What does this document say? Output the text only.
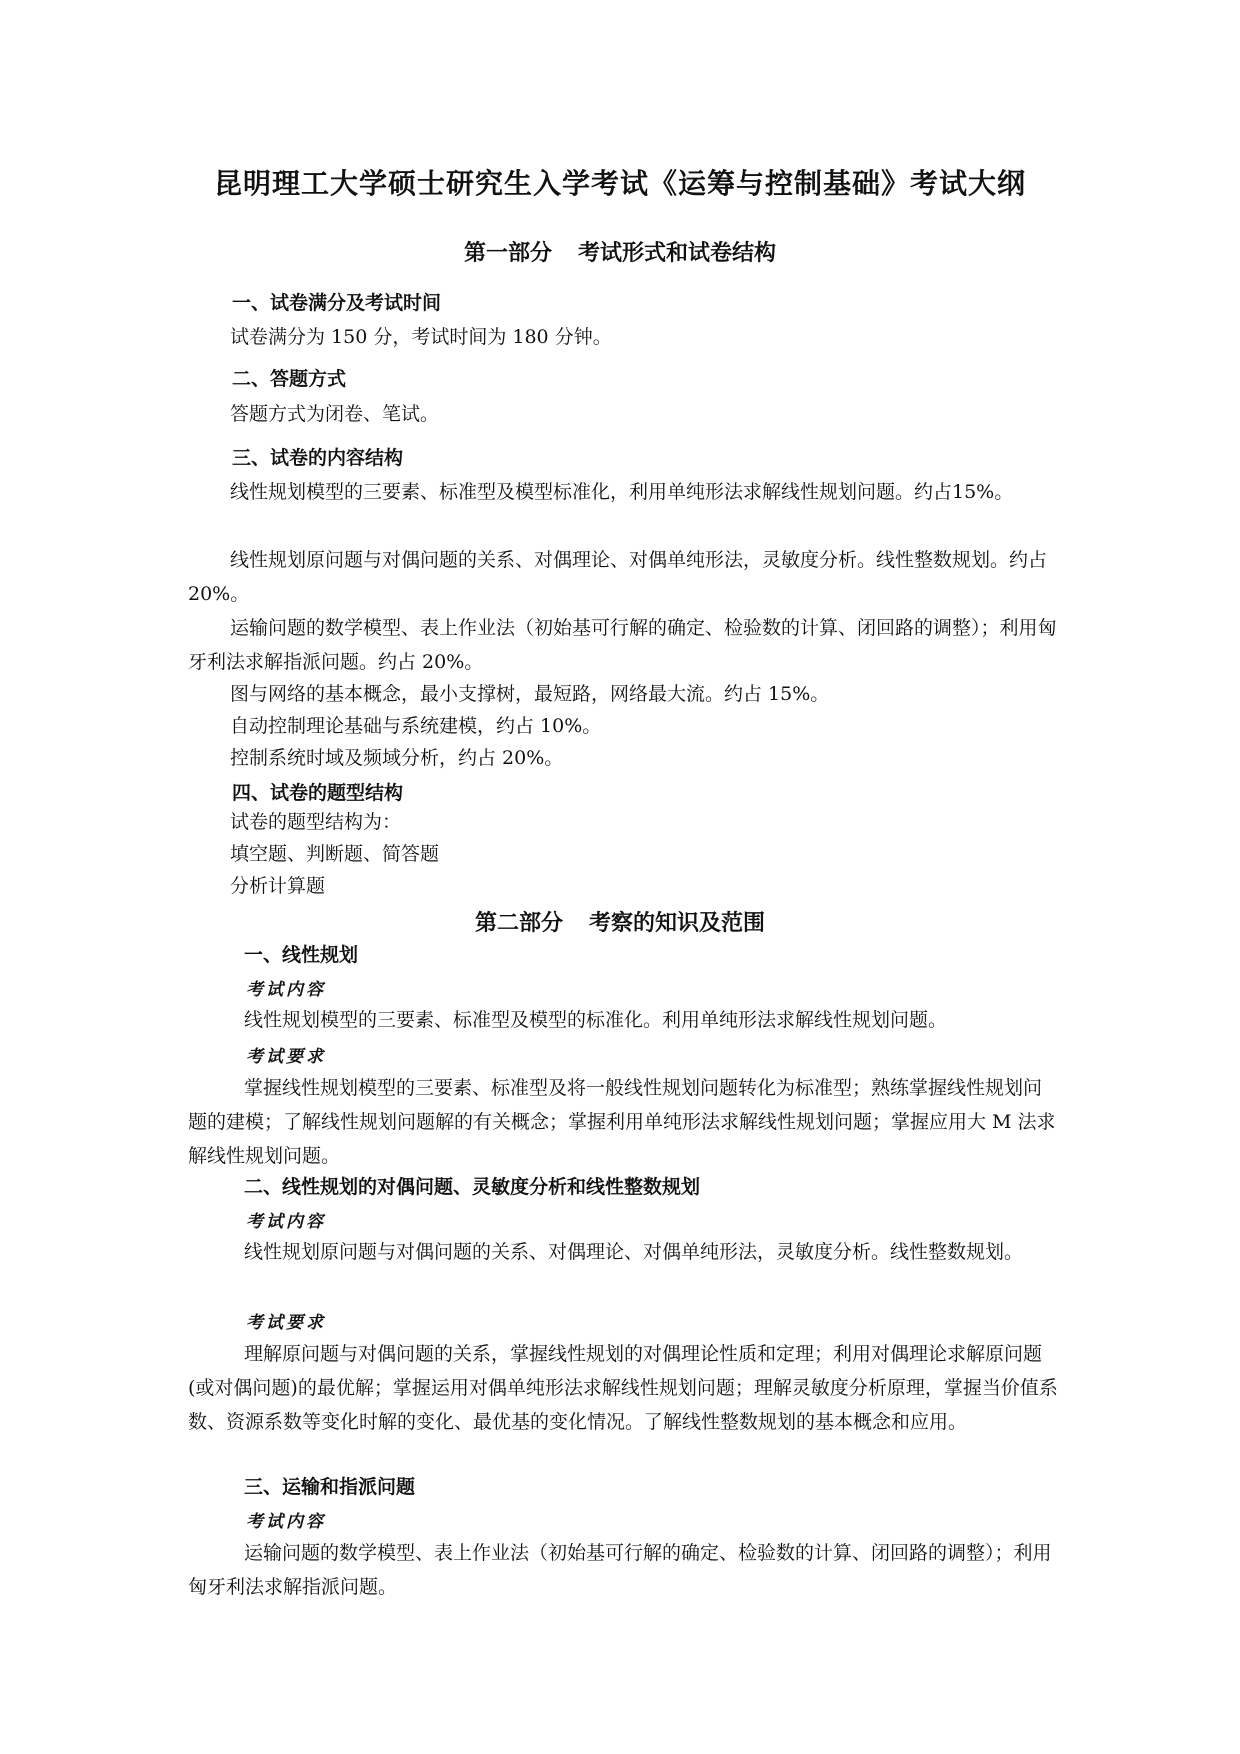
昆明理工大学硕士研究生入学考试《运筹与控制基础》考试大纲
第一部分 考试形式和试卷结构
一、试卷满分及考试时间
试卷满分为 150 分，考试时间为 180 分钟。
二、答题方式
答题方式为闭卷、笔试。
三、试卷的内容结构
线性规划模型的三要素、标准型及模型标准化，利用单纯形法求解线性规划问题。约占15%。
线性规划原问题与对偶问题的关系、对偶理论、对偶单纯形法，灵敏度分析。线性整数规划。约占 20%。
运输问题的数学模型、表上作业法（初始基可行解的确定、检验数的计算、闭回路的调整）；利用匈牙利法求解指派问题。约占 20%。
图与网络的基本概念，最小支撑树，最短路，网络最大流。约占 15%。
自动控制理论基础与系统建模，约占 10%。
控制系统时域及频域分析，约占 20%。
四、试卷的题型结构
试卷的题型结构为：
填空题、判断题、简答题
分析计算题
第二部分 考察的知识及范围
一、线性规划
考试内容
线性规划模型的三要素、标准型及模型的标准化。利用单纯形法求解线性规划问题。
考试要求
掌握线性规划模型的三要素、标准型及将一般线性规划问题转化为标准型；熟练掌握线性规划问题的建模；了解线性规划问题解的有关概念；掌握利用单纯形法求解线性规划问题；掌握应用大 M 法求解线性规划问题。
二、线性规划的对偶问题、灵敏度分析和线性整数规划
考试内容
线性规划原问题与对偶问题的关系、对偶理论、对偶单纯形法，灵敏度分析。线性整数规划。
考试要求
理解原问题与对偶问题的关系，掌握线性规划的对偶理论性质和定理；利用对偶理论求解原问题(或对偶问题)的最优解；掌握运用对偶单纯形法求解线性规划问题；理解灵敏度分析原理，掌握当价值系数、资源系数等变化时解的变化、最优基的变化情况。了解线性整数规划的基本概念和应用。
三、运输和指派问题
考试内容
运输问题的数学模型、表上作业法（初始基可行解的确定、检验数的计算、闭回路的调整）；利用匈牙利法求解指派问题。
